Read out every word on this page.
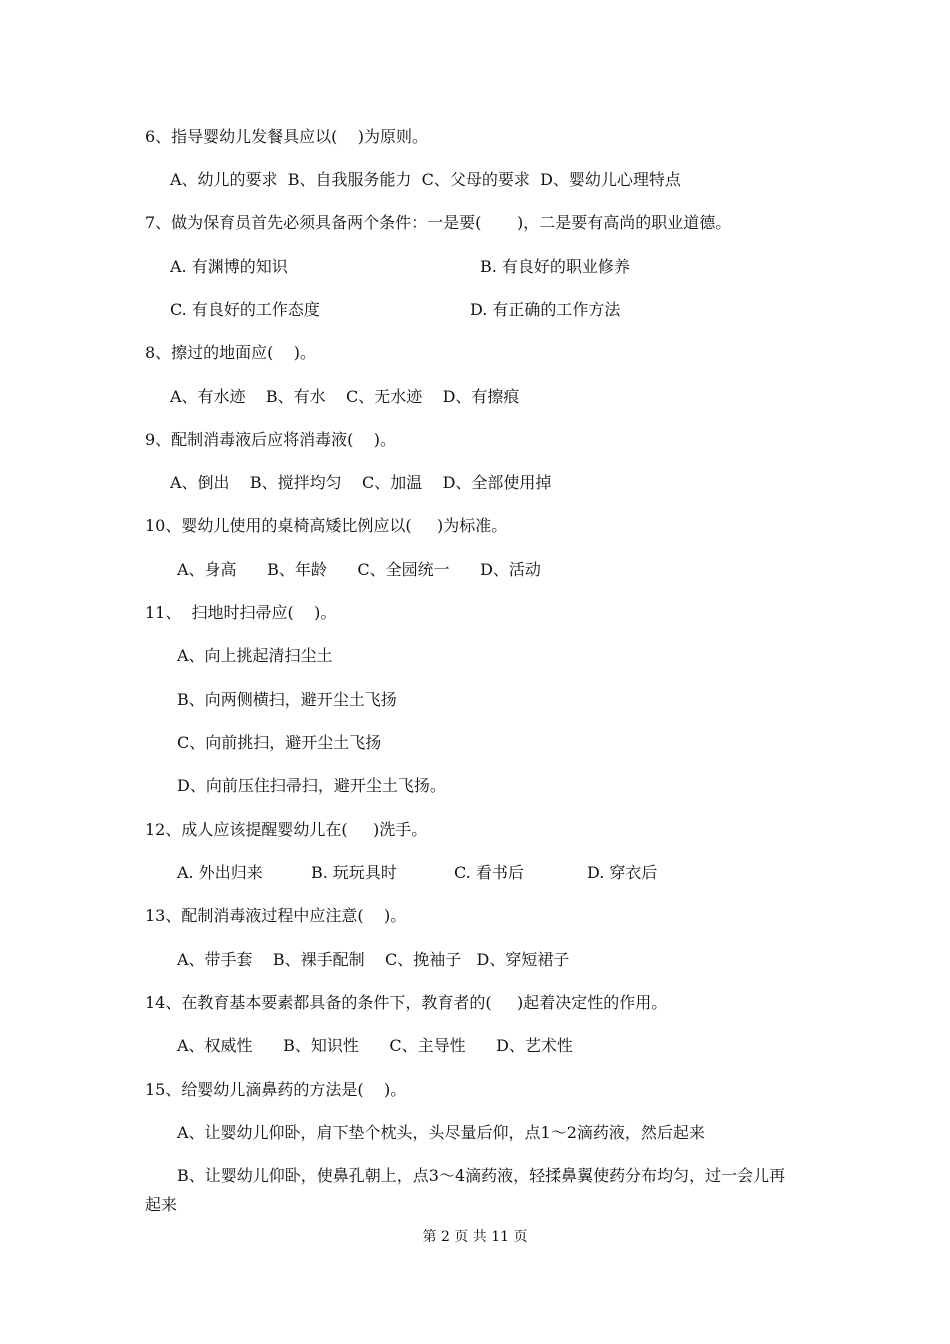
6、指导婴幼儿发餐具应以(    )为原则。
A、幼儿的要求  B、自我服务能力  C、父母的要求  D、婴幼儿心理特点
7、做为保育员首先必须具备两个条件：一是要(       )，二是要有高尚的职业道德。
A. 有渊博的知识	B. 有良好的职业修养
C. 有良好的工作态度	D. 有正确的工作方法
8、擦过的地面应(    )。
A、有水迹    B、有水    C、无水迹    D、有擦痕
9、配制消毒液后应将消毒液(    )。
A、倒出    B、搅拌均匀    C、加温    D、全部使用掉
10、婴幼儿使用的桌椅高矮比例应以(     )为标准。
A、身高      B、年龄      C、全园统一      D、活动
11、  扫地时扫帚应(    )。
A、向上挑起清扫尘土
B、向两侧横扫，避开尘土飞扬
C、向前挑扫，避开尘土飞扬
D、向前压住扫帚扫，避开尘土飞扬。
12、成人应该提醒婴幼儿在(     )洗手。
A. 外出归来	B. 玩玩具时	C. 看书后	D. 穿衣后
13、配制消毒液过程中应注意(    )。
A、带手套    B、裸手配制    C、挽袖子   D、穿短裙子
14、在教育基本要素都具备的条件下，教育者的(     )起着决定性的作用。
A、权威性      B、知识性      C、主导性      D、艺术性
15、给婴幼儿滴鼻药的方法是(    )。
A、让婴幼儿仰卧，肩下垫个枕头，头尽量后仰，点1～2滴药液，然后起来
B、让婴幼儿仰卧，使鼻孔朝上，点3～4滴药液，轻揉鼻翼使药分布均匀，过一会儿再
起来
第 2 页 共 11 页
